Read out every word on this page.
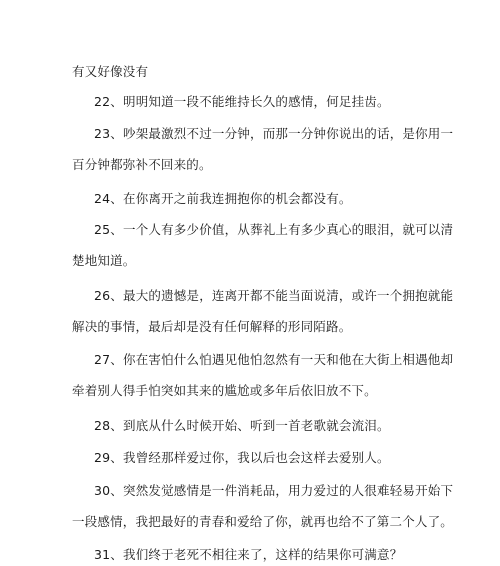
有又好像没有
22、明明知道一段不能维持长久的感情，何足挂齿。
23、吵架最激烈不过一分钟，而那一分钟你说出的话，是你用一
百分钟都弥补不回来的。
24、在你离开之前我连拥抱你的机会都没有。
25、一个人有多少价值，从葬礼上有多少真心的眼泪，就可以清
楚地知道。
26、最大的遗憾是，连离开都不能当面说清，或许一个拥抱就能
解决的事情，最后却是没有任何解释的形同陌路。
27、你在害怕什么怕遇见他怕忽然有一天和他在大街上相遇他却
牵着别人得手怕突如其来的尴尬或多年后依旧放不下。
28、到底从什么时候开始、听到一首老歌就会流泪。
29、我曾经那样爱过你，我以后也会这样去爱别人。
30、突然发觉感情是一件消耗品，用力爱过的人很难轻易开始下
一段感情，我把最好的青春和爱给了你，就再也给不了第二个人了。
31、我们终于老死不相往来了，这样的结果你可满意？
